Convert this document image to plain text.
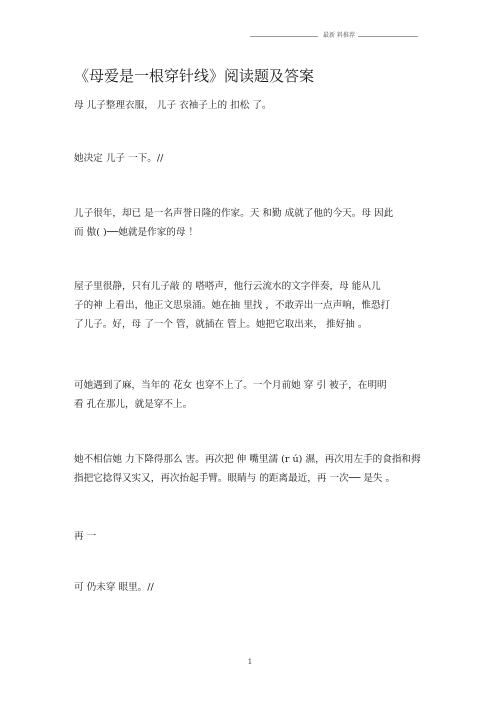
最新 料推荐
《母爱是一根穿针线》阅读题及答案
母 儿子整理衣服， 儿子 衣袖子上的 扣松 了。
她决定 儿子 一下。//
儿子很年，却已 是一名声誉日隆的作家。天 和勤 成就了他的今天。母 因此
而 傲( )──她就是作家的母 ！
屋子里很静，只有儿子敲 的 嗒嗒声，他行云流水的文字伴奏，母 能从儿
子的神 上看出，他正文思泉涌。她在抽 里找 ，不敢弄出一点声响，惟恐打
了儿子。好，母 了一个 管，就插在 管上。她把它取出来， 推好抽 。
可她遇到了麻，当年的 花女 也穿不上了。一个月前她 穿 引 被子，在明明
看 孔在那儿，就是穿不上。
她不相信她 力下降得那么 害。再次把 伸 嘴里濡 (r ú) 濕，再次用左手的食指和拇
指把它捻得又实又，再次抬起手臂。眼睛与 的距离最近，再 一次── 是失 。
再 一
可 仍未穿 眼里。//
1
